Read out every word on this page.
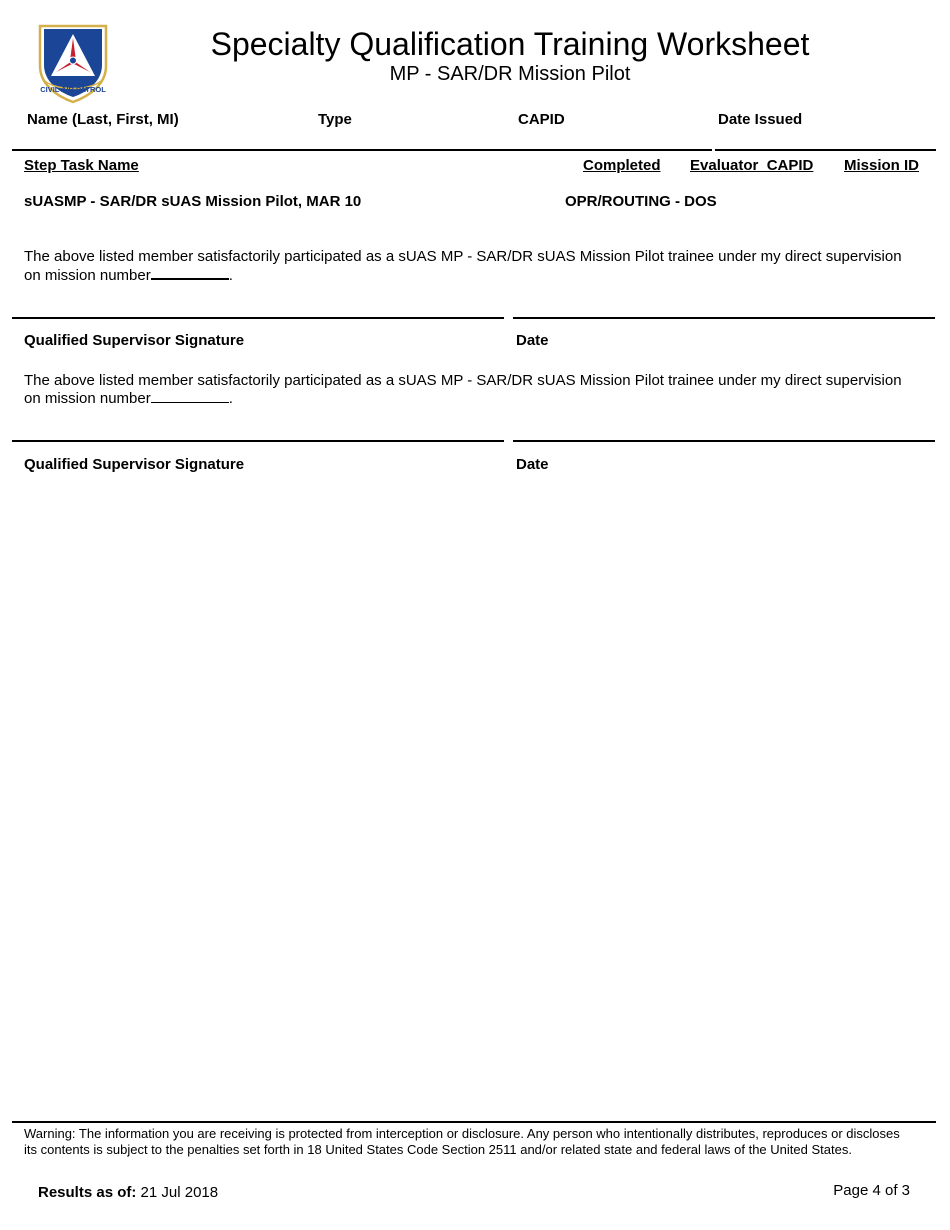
CIVIL AIR PATROL
Specialty Qualification Training Worksheet
MP - SAR/DR Mission Pilot
Name (Last, First, MI)	Type	CAPID	Date Issued
Step Task Name	Completed Evaluator  CAPID Mission ID
sUASMP - SAR/DR sUAS Mission Pilot, MAR 10	OPR/ROUTING - DOS
The above listed member satisfactorily participated as a sUAS MP - SAR/DR sUAS Mission Pilot trainee under my direct supervision on mission number	.
Qualified Supervisor Signature	Date
The above listed member satisfactorily participated as a sUAS MP - SAR/DR sUAS Mission Pilot trainee under my direct supervision on mission number	.
Qualified Supervisor Signature	Date
Warning: The information you are receiving is protected from interception or disclosure. Any person who intentionally distributes, reproduces or discloses its contents is subject to the penalties set forth in 18 United States Code Section 2511 and/or related state and federal laws of the United States.
Results as of: 21 Jul 2018	Page 4 of 3
